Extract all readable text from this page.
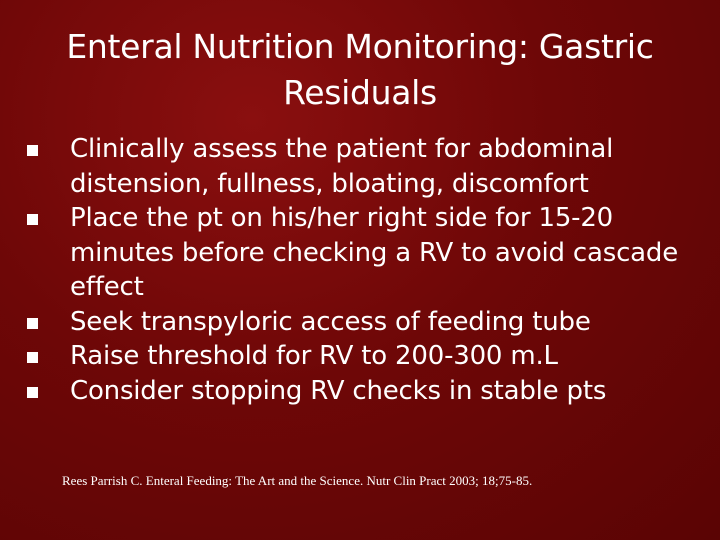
Enteral Nutrition Monitoring: Gastric Residuals
Clinically assess the patient for abdominal distension, fullness, bloating, discomfort
Place the pt on his/her right side for 15-20 minutes before checking a RV to avoid cascade effect
Seek transpyloric access of feeding tube
Raise threshold for RV to 200-300 m.L
Consider stopping RV checks in stable pts
Rees Parrish C. Enteral Feeding: The Art and the Science. Nutr Clin Pract 2003; 18;75-85.
